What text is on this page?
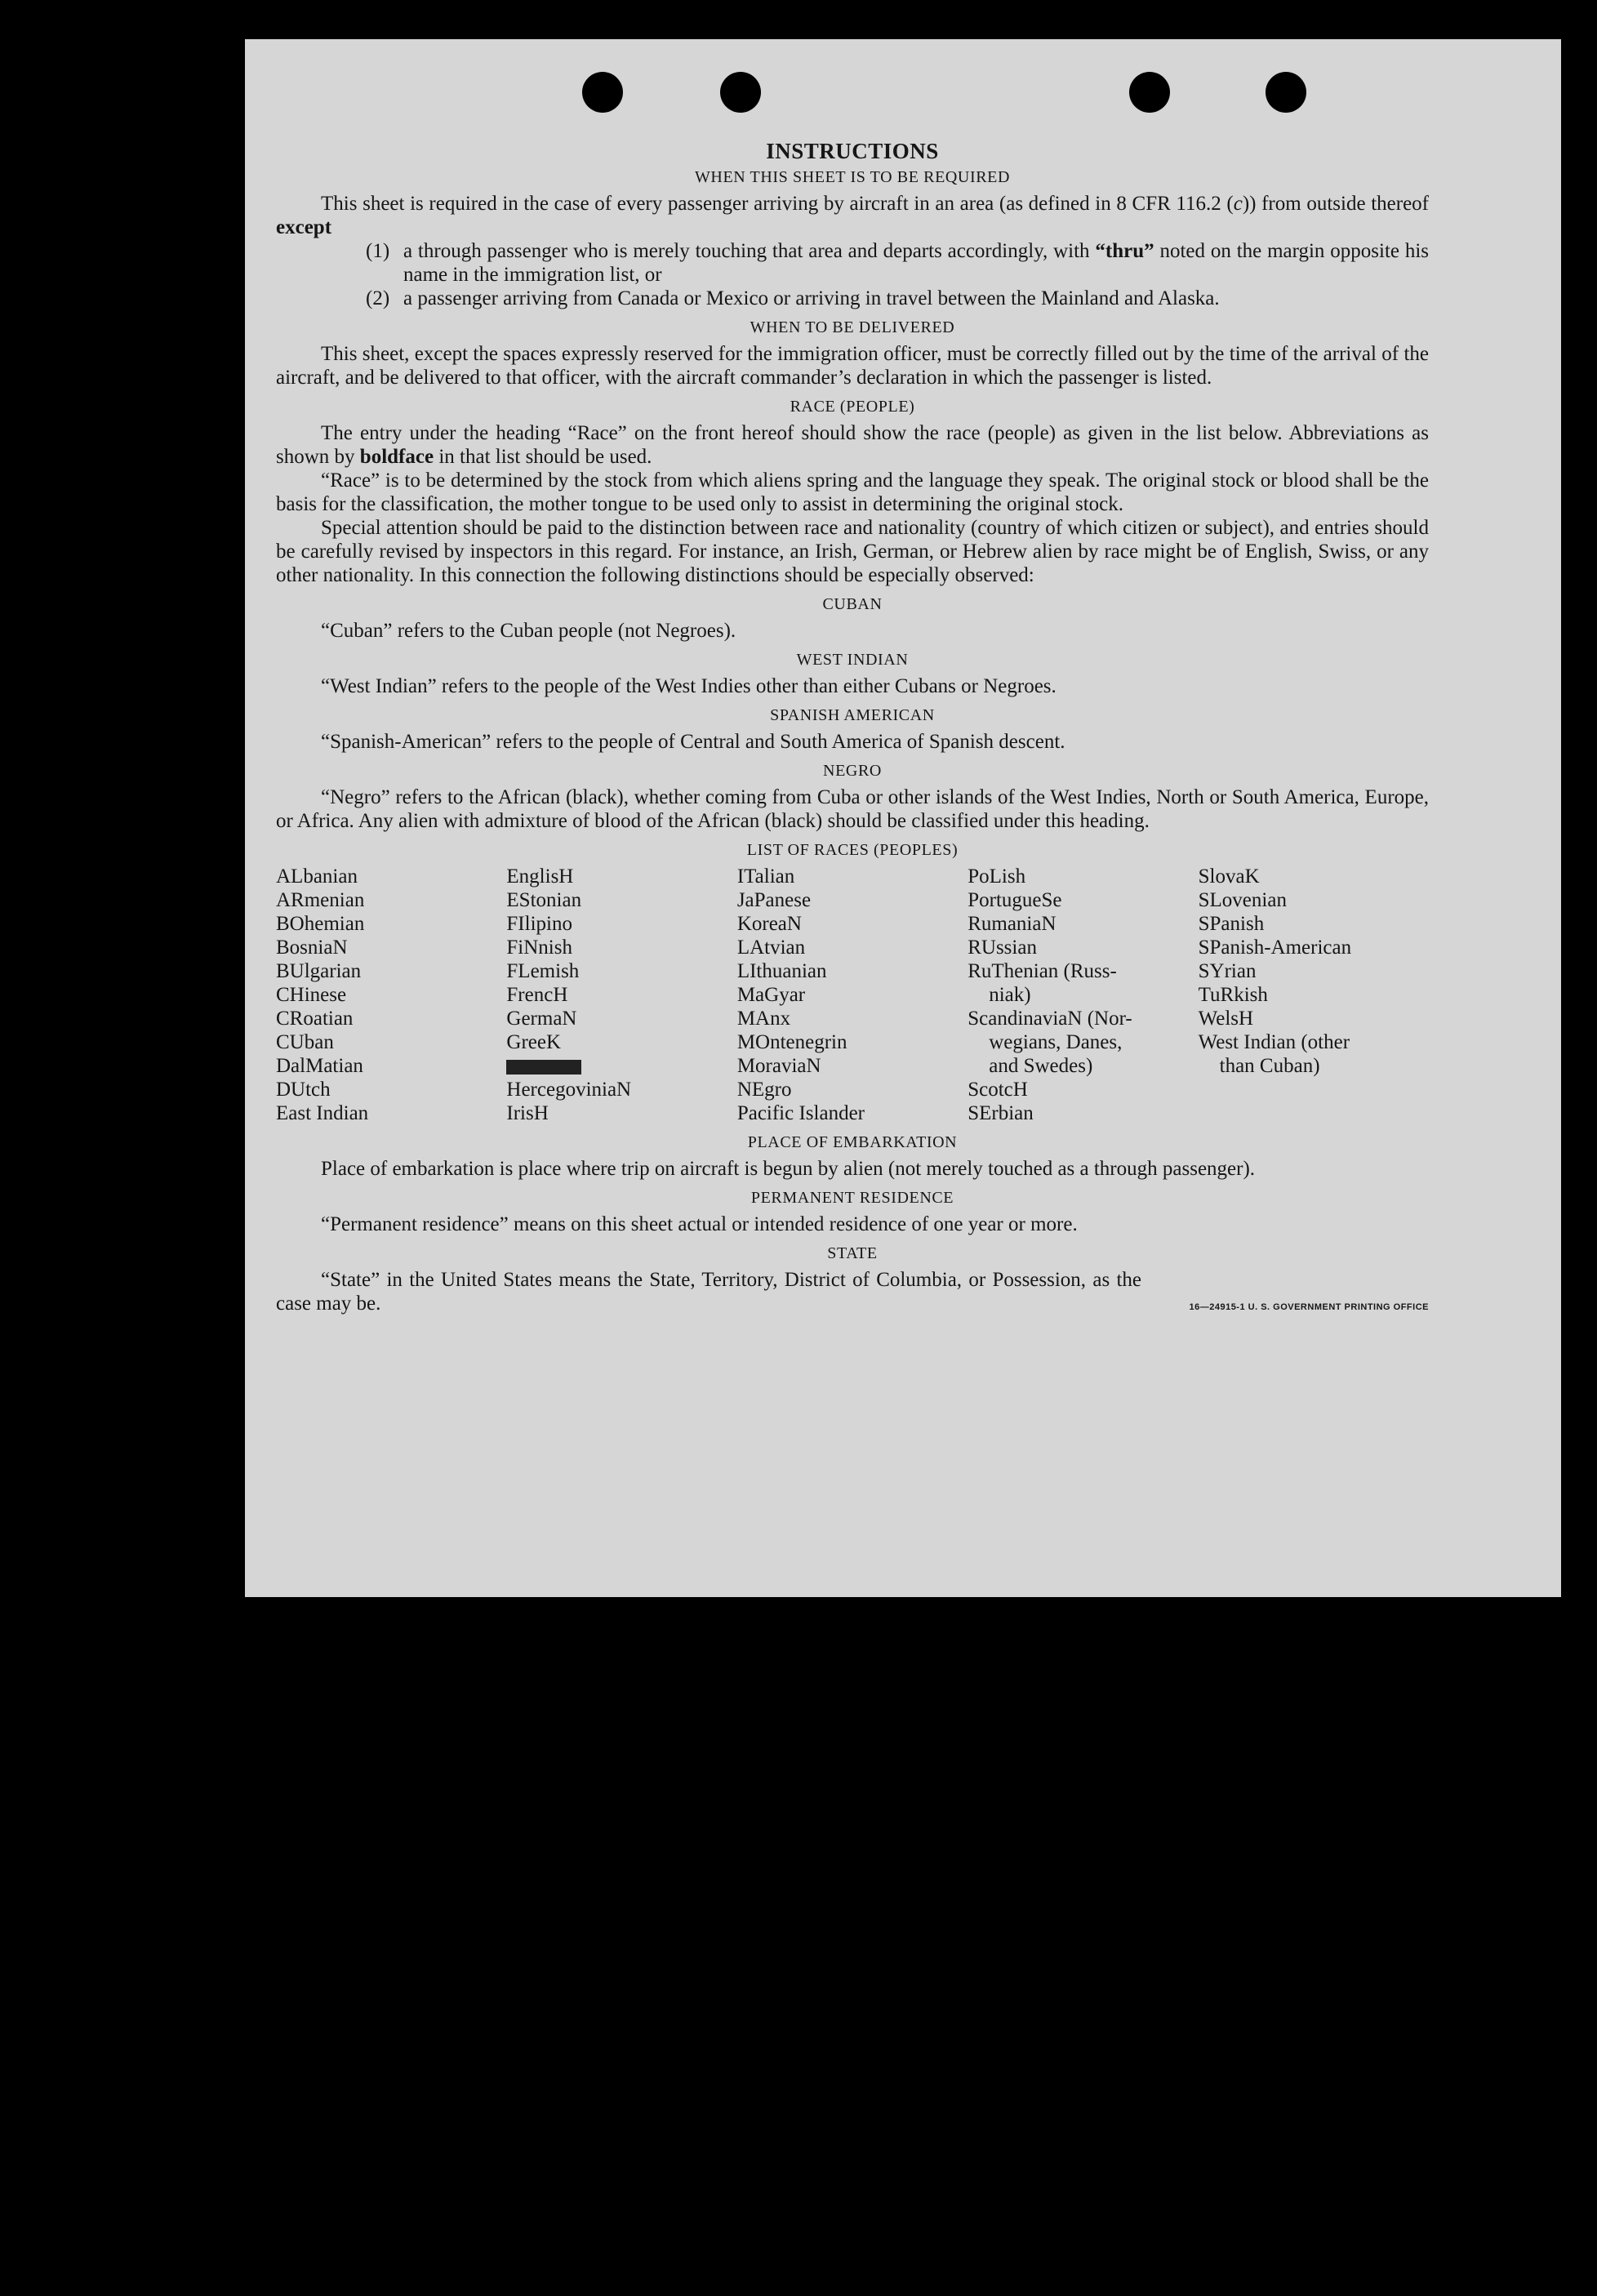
INSTRUCTIONS
WHEN THIS SHEET IS TO BE REQUIRED

This sheet is required in the case of every passenger arriving by aircraft in an area (as defined in 8 CFR 116.2 (c)) from outside thereof except

(1) a through passenger who is merely touching that area and departs accordingly, with “thru” noted on the margin opposite his name in the immigration list, or
(2) a passenger arriving from Canada or Mexico or arriving in travel between the Mainland and Alaska.
WHEN TO BE DELIVERED

This sheet, except the spaces expressly reserved for the immigration officer, must be correctly filled out by the time of the arrival of the aircraft, and be delivered to that officer, with the aircraft commander’s declaration in which the passenger is listed.

RACE (PEOPLE)

The entry under the heading “Race” on the front hereof should show the race (people) as given in the list below. Abbreviations as shown by boldface in that list should be used.

“Race” is to be determined by the stock from which aliens spring and the language they speak. The original stock or blood shall be the basis for the classification, the mother tongue to be used only to assist in determining the original stock.

Special attention should be paid to the distinction between race and nationality (country of which citizen or subject), and entries should be carefully revised by inspectors in this regard. For instance, an Irish, German, or Hebrew alien by race might be of English, Swiss, or any other nationality. In this connection the following distinctions should be especially observed:

CUBAN

“Cuban” refers to the Cuban people (not Negroes).

WEST INDIAN

“West Indian” refers to the people of the West Indies other than either Cubans or Negroes.

SPANISH AMERICAN

“Spanish-American” refers to the people of Central and South America of Spanish descent.

NEGRO

“Negro” refers to the African (black), whether coming from Cuba or other islands of the West Indies, North or South America, Europe, or Africa. Any alien with admixture of blood of the African (black) should be classified under this heading.

LIST OF RACES (PEOPLES)
ALbanian
ARmenian
BOhemian
BosniaN
BUlgarian
CHinese
CRoatian
CUban
DalMatian
DUtch
East Indian
EnglisH
EStonian
FIlipino
FiNnish
FLemish
FrencH
GermaN
GreeK
HercegoviniaN
IrisH
ITalian
JaPanese
KoreaN
LAtvian
LIthuanian
MaGyar
MAnx
MOntenegrin
MoraviaN
NEgro
Pacific Islander
PoLish
PortugueSe
RumaniaN
RUssian
RuThenian (Russ-
niak)
ScandinaviaN (Nor-
wegians, Danes,
and Swedes)
ScotcH
SErbian
SlovaK
SLovenian
SPanish
SPanish-American
SYrian
TuRkish
WelsH
West Indian (other
than Cuban)
PLACE OF EMBARKATION

Place of embarkation is place where trip on aircraft is begun by alien (not merely touched as a through passenger).

PERMANENT RESIDENCE

“Permanent residence” means on this sheet actual or intended residence of one year or more.

STATE

“State” in the United States means the State, Territory, District of Columbia, or Possession, as the case may be.	16—24915-1 U. S. GOVERNMENT PRINTING OFFICE
